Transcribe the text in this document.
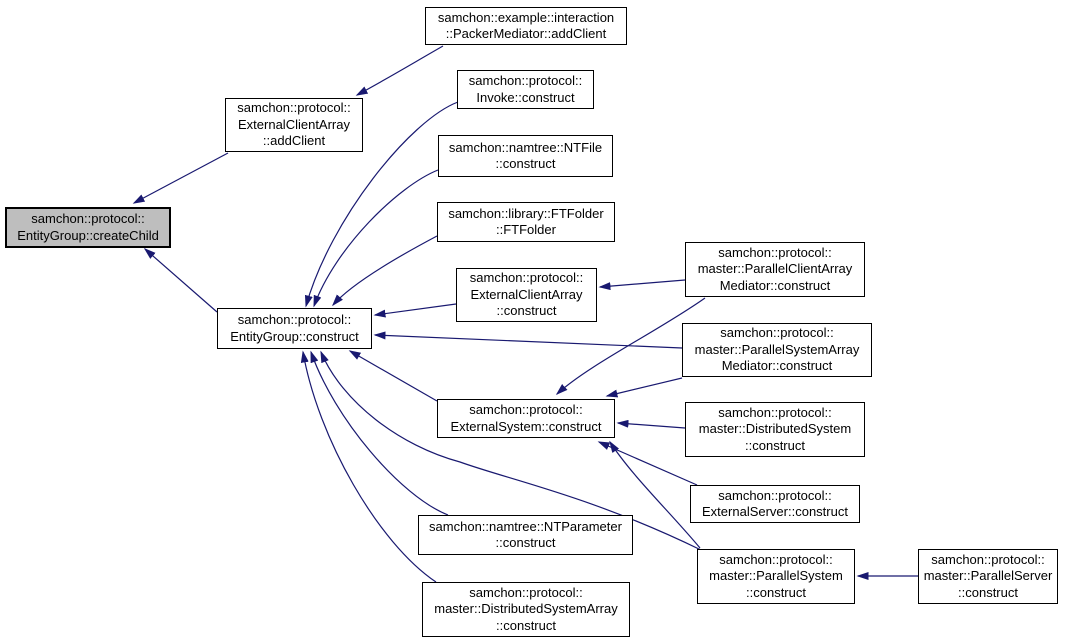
samchon::protocol::
EntityGroup::createChild
samchon::protocol::
ExternalClientArray
::addClient
samchon::example::interaction
::PackerMediator::addClient
samchon::protocol::
Invoke::construct
samchon::namtree::NTFile
::construct
samchon::library::FTFolder
::FTFolder
samchon::protocol::
ExternalClientArray
::construct
samchon::protocol::
EntityGroup::construct
samchon::protocol::
master::ParallelClientArray
Mediator::construct
samchon::protocol::
master::ParallelSystemArray
Mediator::construct
samchon::protocol::
ExternalSystem::construct
samchon::protocol::
master::DistributedSystem
::construct
samchon::protocol::
ExternalServer::construct
samchon::namtree::NTParameter
::construct
samchon::protocol::
master::DistributedSystemArray
::construct
samchon::protocol::
master::ParallelSystem
::construct
samchon::protocol::
master::ParallelServer
::construct
